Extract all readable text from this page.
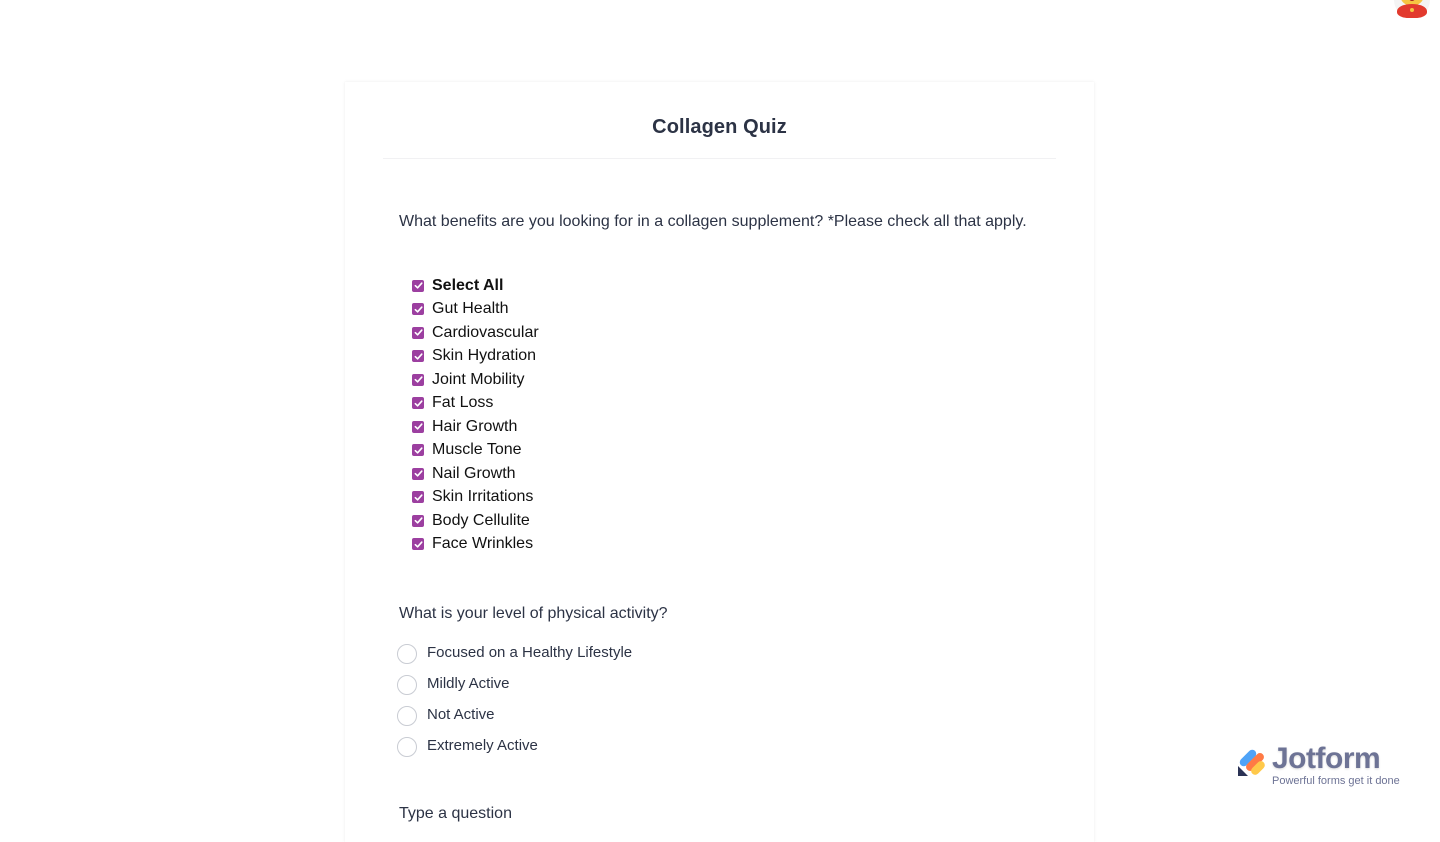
Collagen Quiz
What benefits are you looking for in a collagen supplement? *Please check all that apply.
Select All
Gut Health
Cardiovascular
Skin Hydration
Joint Mobility
Fat Loss
Hair Growth
Muscle Tone
Nail Growth
Skin Irritations
Body Cellulite
Face Wrinkles
What is your level of physical activity?
Focused on a Healthy Lifestyle
Mildly Active
Not Active
Extremely Active
Type a question
Jotform
Powerful forms get it done
